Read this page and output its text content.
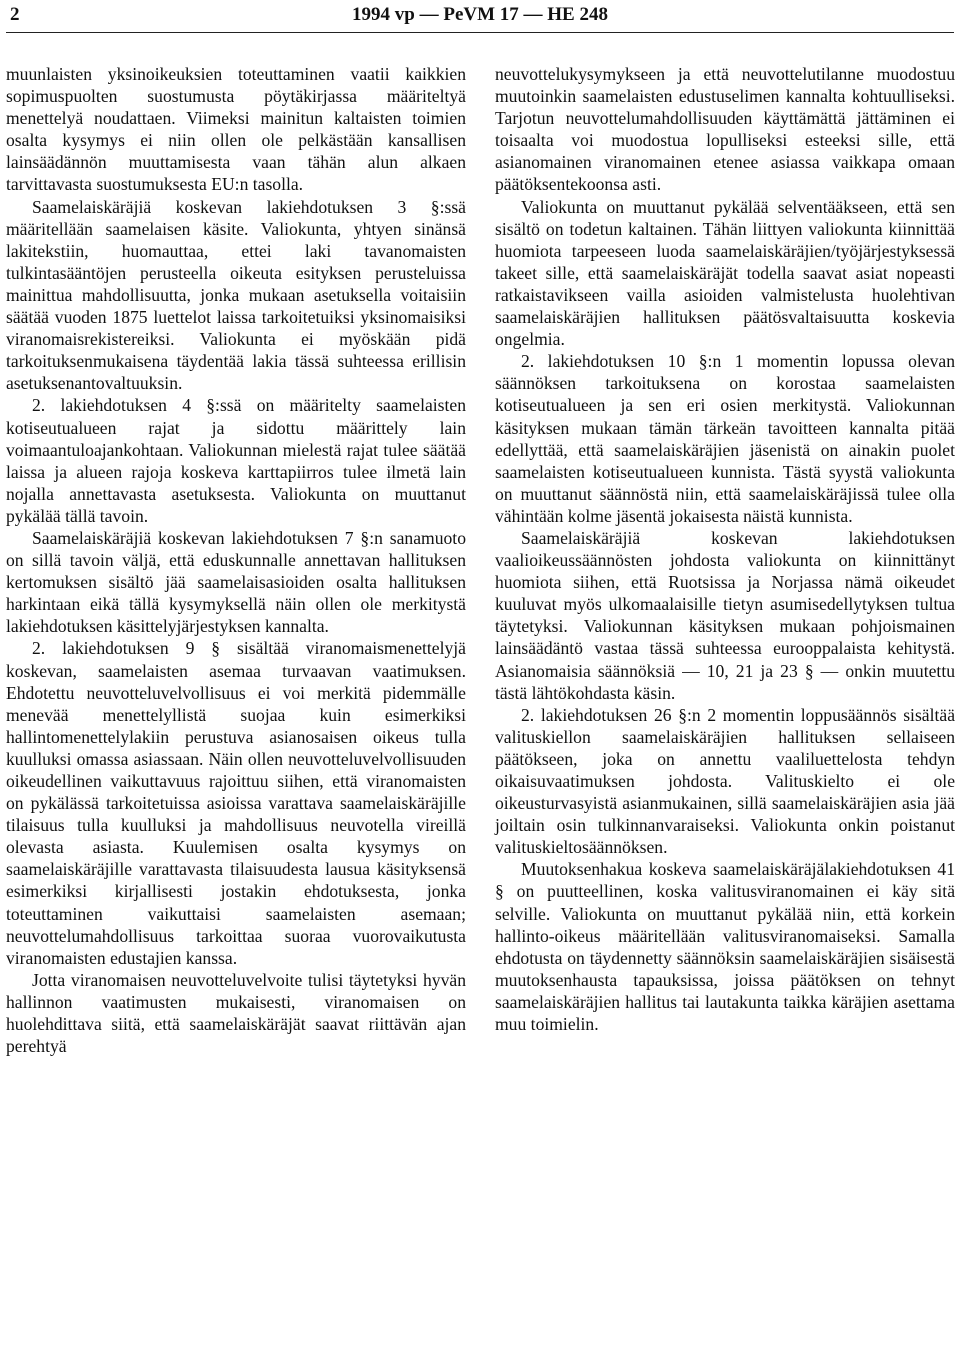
2	1994 vp — PeVM 17 — HE 248

muunlaisten yksinoikeuksien toteuttaminen vaatii kaikkien sopimuspuolten suostumusta pöytäkirjassa määriteltyä menettelyä noudattaen. Viimeksi mainitun kaltaisten toimien osalta kysymys ei niin ollen ole pelkästään kansallisen lainsäädännön muuttamisesta vaan tähän alun alkaen tarvittavasta suostumuksesta EU:n tasolla.

Saamelaiskäräjiä koskevan lakiehdotuksen 3 §:ssä määritellään saamelaisen käsite. Valiokunta, yhtyen sinänsä lakitekstiin, huomauttaa, ettei laki tavanomaisten tulkintasääntöjen perusteella oikeuta esityksen perusteluissa mainittua mahdollisuutta, jonka mukaan asetuksella voitaisiin säätää vuoden 1875 luettelot laissa tarkoitetuiksi yksinomaisiksi viranomaisrekistereiksi. Valiokunta ei myöskään pidä tarkoituksenmukaisena täydentää lakia tässä suhteessa erillisin asetuksenantovaltuuksin.

2. lakiehdotuksen 4 §:ssä on määritelty saamelaisten kotiseutualueen rajat ja sidottu määrittely lain voimaantuloajankohtaan. Valiokunnan mielestä rajat tulee säätää laissa ja alueen rajoja koskeva karttapiirros tulee ilmetä lain nojalla annettavasta asetuksesta. Valiokunta on muuttanut pykälää tällä tavoin.

Saamelaiskäräjiä koskevan lakiehdotuksen 7 §:n sanamuoto on sillä tavoin väljä, että eduskunnalle annettavan hallituksen kertomuksen sisältö jää saamelaisasioiden osalta hallituksen harkintaan eikä tällä kysymyksellä näin ollen ole merkitystä lakiehdotuksen käsittelyjärjestyksen kannalta.

2. lakiehdotuksen 9 § sisältää viranomaismenettelyjä koskevan, saamelaisten asemaa turvaavan vaatimuksen. Ehdotettu neuvotteluvelvollisuus ei voi merkitä pidemmälle menevää menettelyllistä suojaa kuin esimerkiksi hallintomenettelylakiin perustuva asianosaisen oikeus tulla kuulluksi omassa asiassaan. Näin ollen neuvotteluvelvollisuuden oikeudellinen vaikuttavuus rajoittuu siihen, että viranomaisten on pykälässä tarkoitetuissa asioissa varattava saamelaiskäräjille tilaisuus tulla kuulluksi ja mahdollisuus neuvotella vireillä olevasta asiasta. Kuulemisen osalta kysymys on saamelaiskäräjille varattavasta tilaisuudesta lausua käsityksensä esimerkiksi kirjallisesti jostakin ehdotuksesta, jonka toteuttaminen vaikuttaisi saamelaisten asemaan; neuvottelumahdollisuus tarkoittaa suoraa vuorovaikutusta viranomaisten edustajien kanssa.

Jotta viranomaisen neuvotteluvelvoite tulisi täytetyksi hyvän hallinnon vaatimusten mukaisesti, viranomaisen on huolehdittava siitä, että saamelaiskäräjät saavat riittävän ajan perehtyä

neuvottelukysymykseen ja että neuvottelutilanne muodostuu muutoinkin saamelaisten edustuselimen kannalta kohtuulliseksi. Tarjotun neuvottelumahdollisuuden käyttämättä jättäminen ei toisaalta voi muodostua lopulliseksi esteeksi sille, että asianomainen viranomainen etenee asiassa vaikkapa omaan päätöksentekoonsa asti.

Valiokunta on muuttanut pykälää selventääkseen, että sen sisältö on todetun kaltainen. Tähän liittyen valiokunta kiinnittää huomiota tarpeeseen luoda saamelaiskäräjien/työjärjestyksessä takeet sille, että saamelaiskäräjät todella saavat asiat nopeasti ratkaistavikseen vailla asioiden valmistelusta huolehtivan saamelaiskäräjien hallituksen päätösvaltaisuutta koskevia ongelmia.

2. lakiehdotuksen 10 §:n 1 momentin lopussa olevan säännöksen tarkoituksena on korostaa saamelaisten kotiseutualueen ja sen eri osien merkitystä. Valiokunnan käsityksen mukaan tämän tärkeän tavoitteen kannalta pitää edellyttää, että saamelaiskäräjien jäsenistä on ainakin puolet saamelaisten kotiseutualueen kunnista. Tästä syystä valiokunta on muuttanut säännöstä niin, että saamelaiskäräjissä tulee olla vähintään kolme jäsentä jokaisesta näistä kunnista.

Saamelaiskäräjiä koskevan lakiehdotuksen vaalioikeussäännösten johdosta valiokunta on kiinnittänyt huomiota siihen, että Ruotsissa ja Norjassa nämä oikeudet kuuluvat myös ulkomaalaisille tietyn asumisedellytyksen tultua täytetyksi. Valiokunnan käsityksen mukaan pohjoismainen lainsäädäntö vastaa tässä suhteessa eurooppalaista kehitystä. Asianomaisia säännöksiä — 10, 21 ja 23 § — onkin muutettu tästä lähtökohdasta käsin.

2. lakiehdotuksen 26 §:n 2 momentin loppusäännös sisältää valituskiellon saamelaiskäräjien hallituksen sellaiseen päätökseen, joka on annettu vaaliluettelosta tehdyn oikaisuvaatimuksen johdosta. Valituskielto ei ole oikeusturvasyistä asianmukainen, sillä saamelaiskäräjien asia jää joiltain osin tulkinnanvaraiseksi. Valiokunta onkin poistanut valituskieltosäännöksen.

Muutoksenhakua koskeva saamelaiskäräjälakiehdotuksen 41 § on puutteellinen, koska valitusviranomainen ei käy sitä selville. Valiokunta on muuttanut pykälää niin, että korkein hallinto-oikeus määritellään valitusviranomaiseksi. Samalla ehdotusta on täydennetty säännöksin saamelaiskäräjien sisäisestä muutoksenhausta tapauksissa, joissa päätöksen on tehnyt saamelaiskäräjien hallitus tai lautakunta taikka käräjien asettama muu toimielin.
